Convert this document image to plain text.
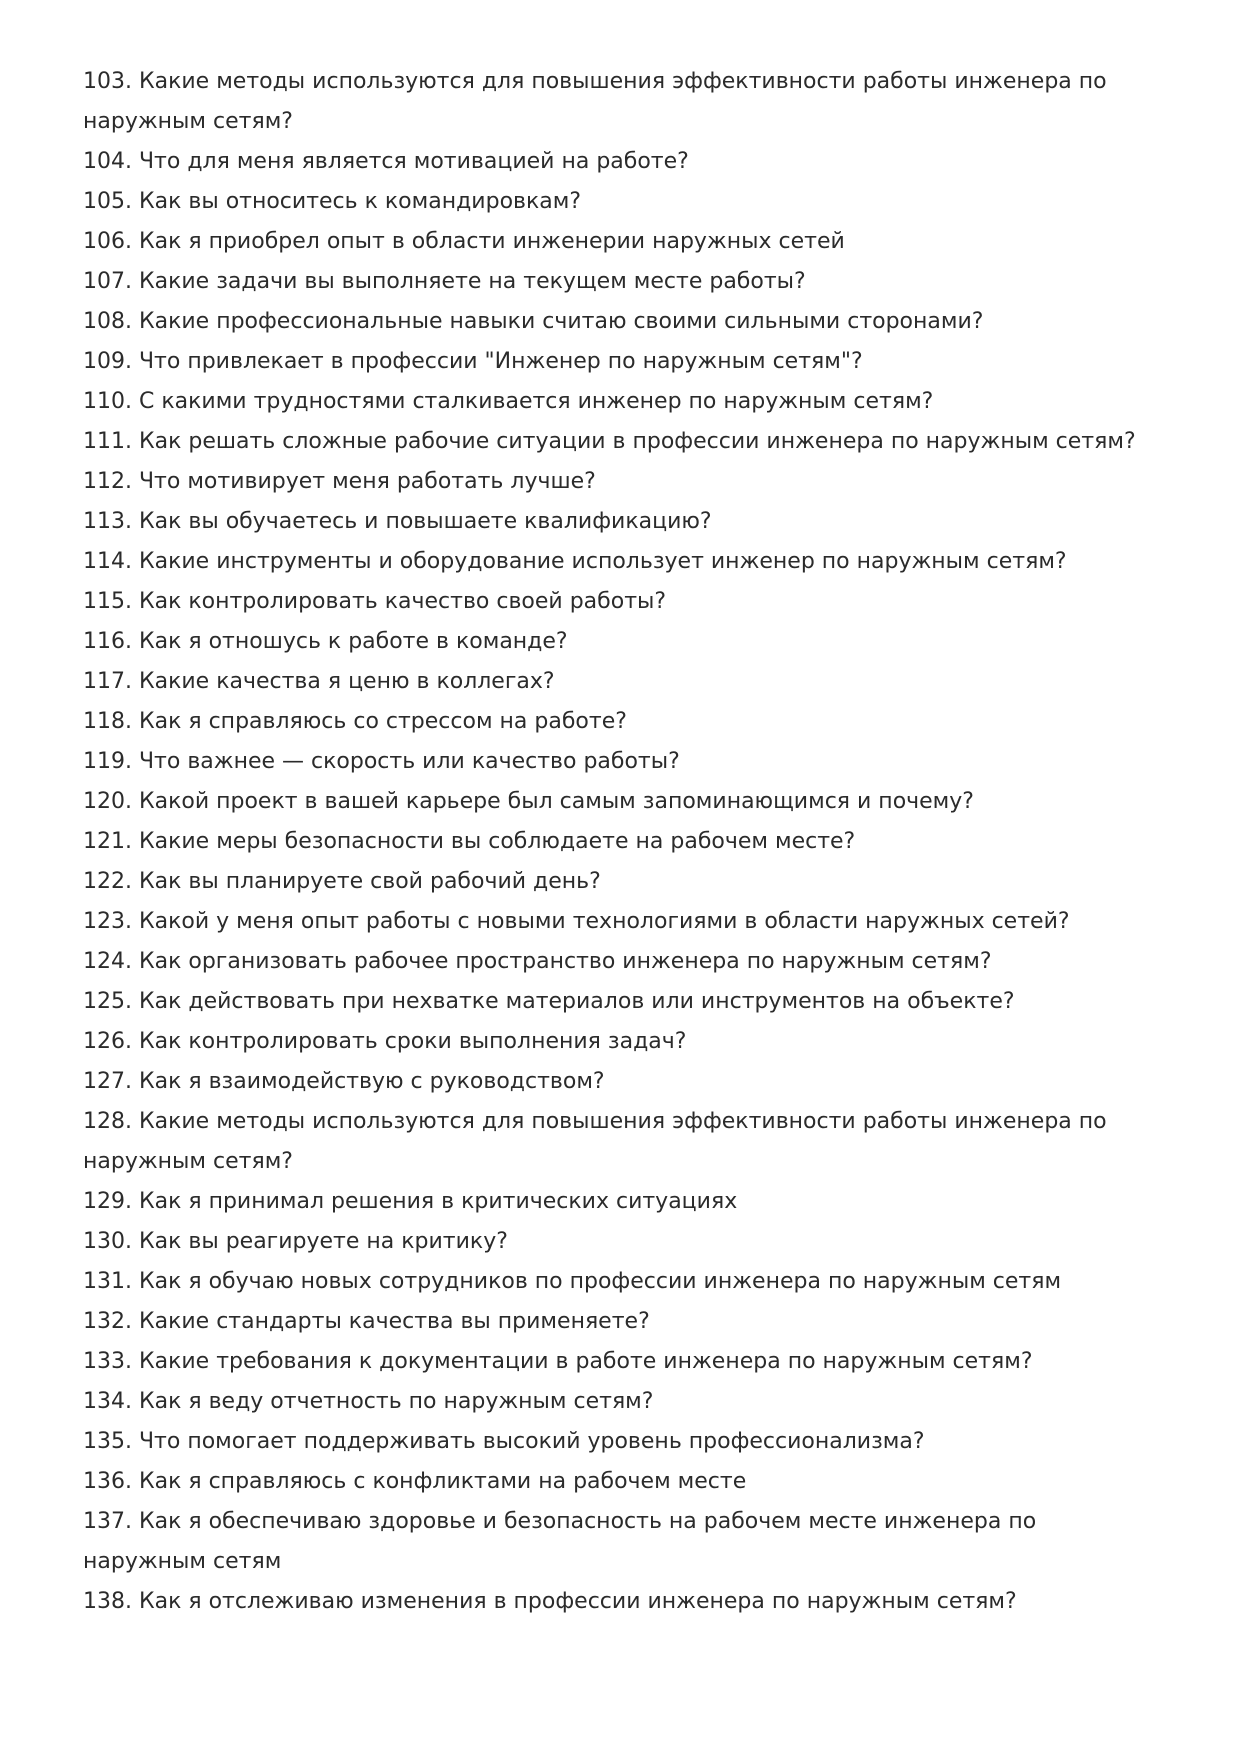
103. Какие методы используются для повышения эффективности работы инженера по наружным сетям?
104. Что для меня является мотивацией на работе?
105. Как вы относитесь к командировкам?
106. Как я приобрел опыт в области инженерии наружных сетей
107. Какие задачи вы выполняете на текущем месте работы?
108. Какие профессиональные навыки считаю своими сильными сторонами?
109. Что привлекает в профессии "Инженер по наружным сетям"?
110. С какими трудностями сталкивается инженер по наружным сетям?
111. Как решать сложные рабочие ситуации в профессии инженера по наружным сетям?
112. Что мотивирует меня работать лучше?
113. Как вы обучаетесь и повышаете квалификацию?
114. Какие инструменты и оборудование использует инженер по наружным сетям?
115. Как контролировать качество своей работы?
116. Как я отношусь к работе в команде?
117. Какие качества я ценю в коллегах?
118. Как я справляюсь со стрессом на работе?
119. Что важнее — скорость или качество работы?
120. Какой проект в вашей карьере был самым запоминающимся и почему?
121. Какие меры безопасности вы соблюдаете на рабочем месте?
122. Как вы планируете свой рабочий день?
123. Какой у меня опыт работы с новыми технологиями в области наружных сетей?
124. Как организовать рабочее пространство инженера по наружным сетям?
125. Как действовать при нехватке материалов или инструментов на объекте?
126. Как контролировать сроки выполнения задач?
127. Как я взаимодействую с руководством?
128. Какие методы используются для повышения эффективности работы инженера по наружным сетям?
129. Как я принимал решения в критических ситуациях
130. Как вы реагируете на критику?
131. Как я обучаю новых сотрудников по профессии инженера по наружным сетям
132. Какие стандарты качества вы применяете?
133. Какие требования к документации в работе инженера по наружным сетям?
134. Как я веду отчетность по наружным сетям?
135. Что помогает поддерживать высокий уровень профессионализма?
136. Как я справляюсь с конфликтами на рабочем месте
137. Как я обеспечиваю здоровье и безопасность на рабочем месте инженера по наружным сетям
138. Как я отслеживаю изменения в профессии инженера по наружным сетям?
